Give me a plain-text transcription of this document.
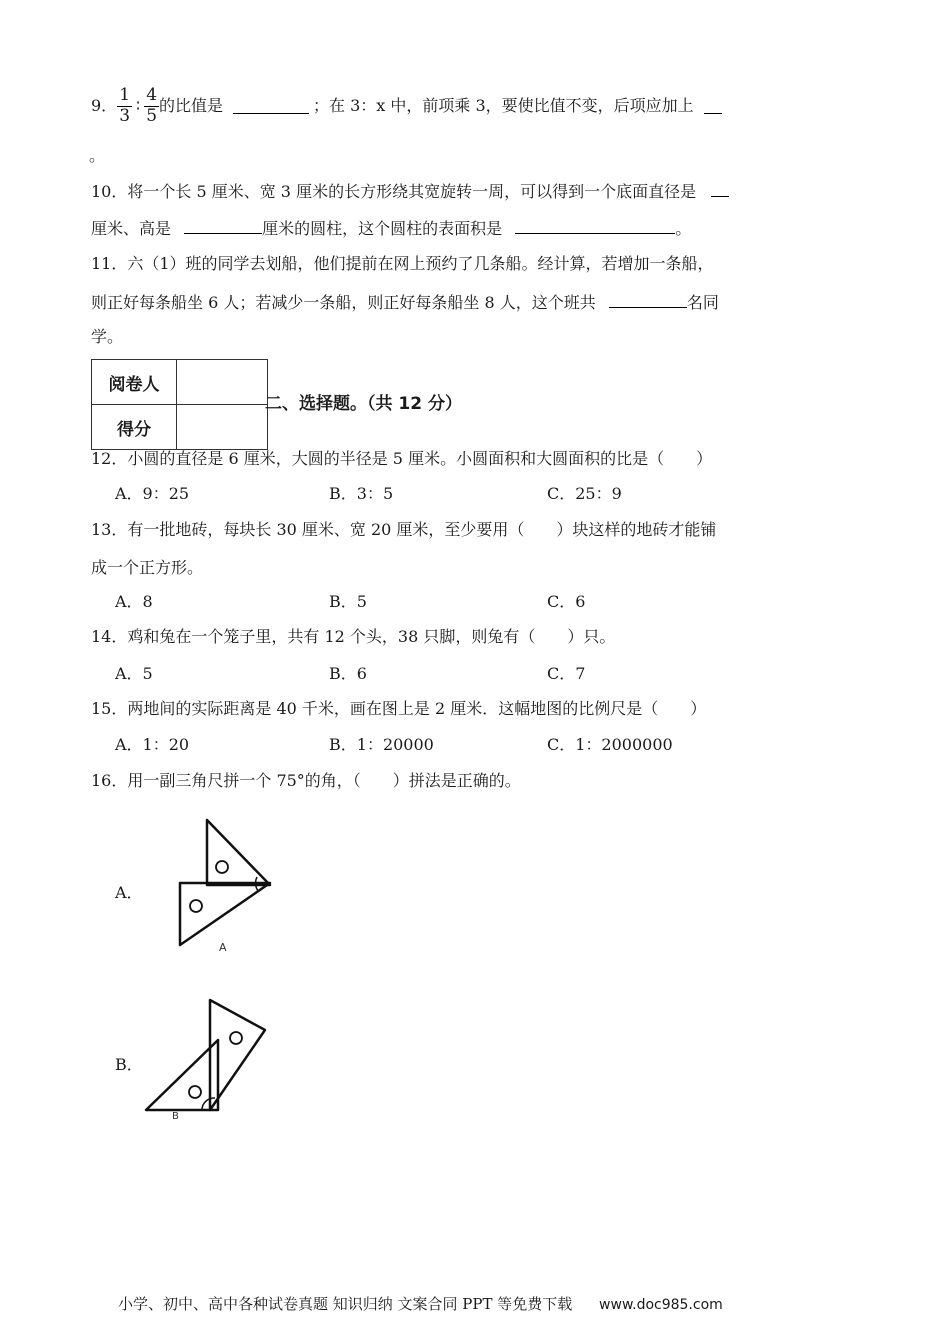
9． $\frac{1}{3}$ ∶ $\frac{4}{5}$ 的比值是	；在 3：x 中，前项乘 3，要使比值不变，后项应加上
。
10．将一个长 5 厘米、宽 3 厘米的长方形绕其宽旋转一周，可以得到一个底面直径是
厘米、高是	厘米的圆柱，这个圆柱的表面积是	。
11．六（1）班的同学去划船，他们提前在网上预约了几条船。经计算，若增加一条船，
则正好每条船坐 6 人；若减少一条船，则正好每条船坐 8 人，这个班共	名同
学。
阅卷人	
得分	
二、选择题。（共 12 分）
12．小圆的直径是 6 厘米，大圆的半径是 5 厘米。小圆面积和大圆面积的比是（　　）
A．9：25	B．3：5	C．25：9
13．有一批地砖，每块长 30 厘米、宽 20 厘米，至少要用（　　）块这样的地砖才能铺
成一个正方形。
A．8	B．5	C．6
14．鸡和兔在一个笼子里，共有 12 个头，38 只脚，则兔有（　　）只。
A．5	B．6	C．7
15．两地间的实际距离是 40 千米，画在图上是 2 厘米．这幅地图的比例尺是（　　）
A．1：20	B．1：20000	C．1：2000000
16．用一副三角尺拼一个 75°的角，（　　）拼法是正确的。
A．
A
B．
B
小学、初中、高中各种试卷真题 知识归纳 文案合同 PPT 等免费下载 www.doc985.com
